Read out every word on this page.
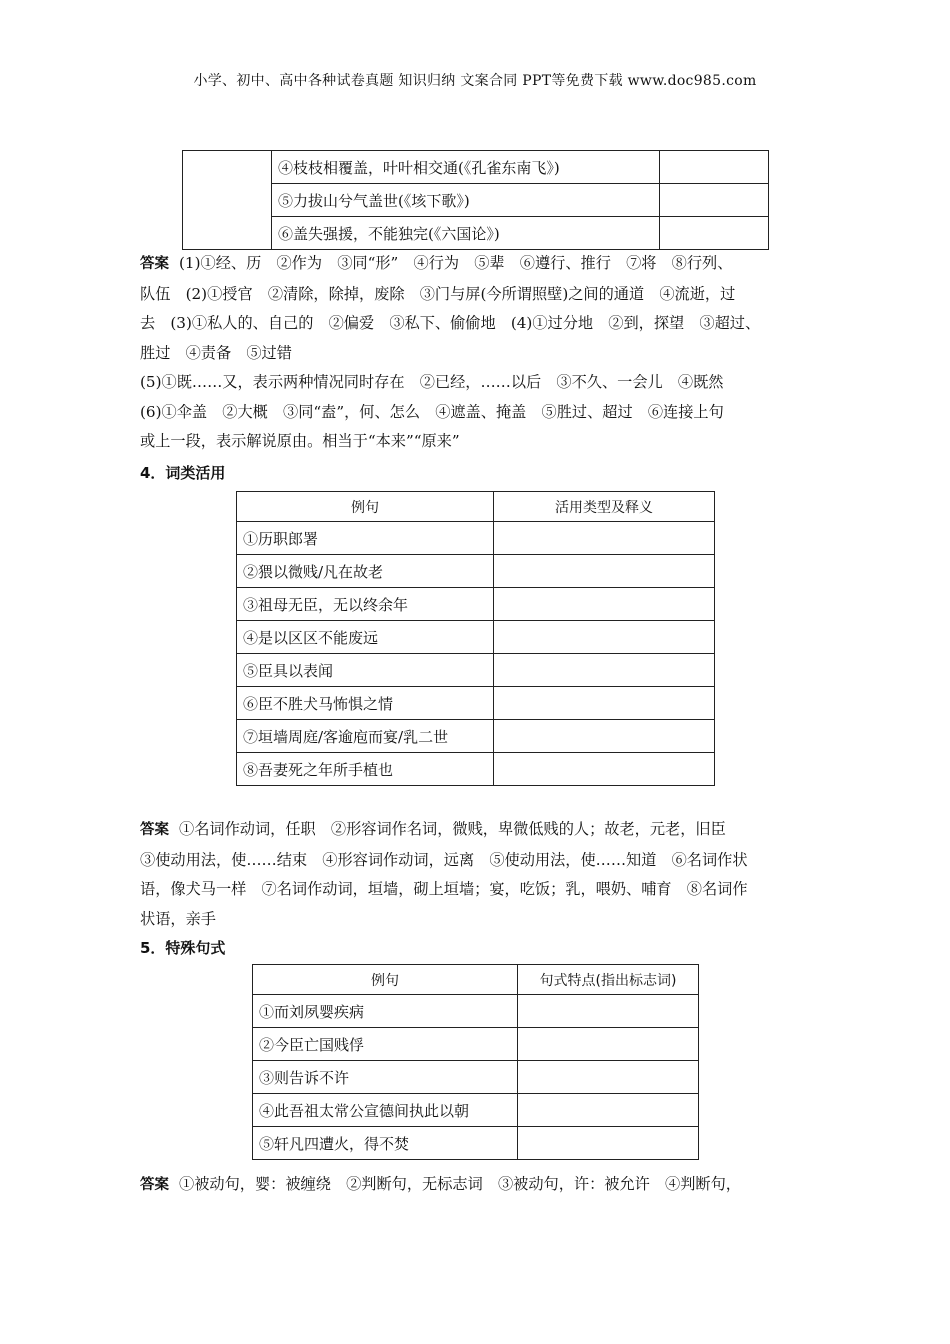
小学、初中、高中各种试卷真题 知识归纳 文案合同 PPT等免费下载 www.doc985.com
	④枝枝相覆盖，叶叶相交通(《孔雀东南飞》)	
	⑤力拔山兮气盖世(《垓下歌》)	
	⑥盖失强援，不能独完(《六国论》)	
答案 (1)①经、历　②作为　③同“形”　④行为　⑤辈　⑥遵行、推行　⑦将　⑧行列、
队伍　(2)①授官　②清除，除掉，废除　③门与屏(今所谓照壁)之间的通道　④流逝，过
去　(3)①私人的、自己的　②偏爱　③私下、偷偷地　(4)①过分地　②到，探望　③超过、
胜过　④责备　⑤过错
(5)①既……又，表示两种情况同时存在　②已经，……以后　③不久、一会儿　④既然
(6)①伞盖　②大概　③同“盍”，何、怎么　④遮盖、掩盖　⑤胜过、超过　⑥连接上句
或上一段，表示解说原由。相当于“本来”“原来”
4．词类活用
例句	活用类型及释义
①历职郎署	
②猥以微贱/凡在故老	
③祖母无臣，无以终余年	
④是以区区不能废远	
⑤臣具以表闻	
⑥臣不胜犬马怖惧之情	
⑦垣墙周庭/客逾庖而宴/乳二世	
⑧吾妻死之年所手植也	
答案 ①名词作动词，任职　②形容词作名词，微贱，卑微低贱的人；故老，元老，旧臣
③使动用法，使……结束　④形容词作动词，远离　⑤使动用法，使……知道　⑥名词作状
语，像犬马一样　⑦名词作动词，垣墙，砌上垣墙；宴，吃饭；乳，喂奶、哺育　⑧名词作
状语，亲手
5．特殊句式
例句	句式特点(指出标志词)
①而刘夙婴疾病	
②今臣亡国贱俘	
③则告诉不许	
④此吾祖太常公宣德间执此以朝	
⑤轩凡四遭火，得不焚	
答案 ①被动句，婴：被缠绕　②判断句，无标志词　③被动句，许：被允许　④判断句，
